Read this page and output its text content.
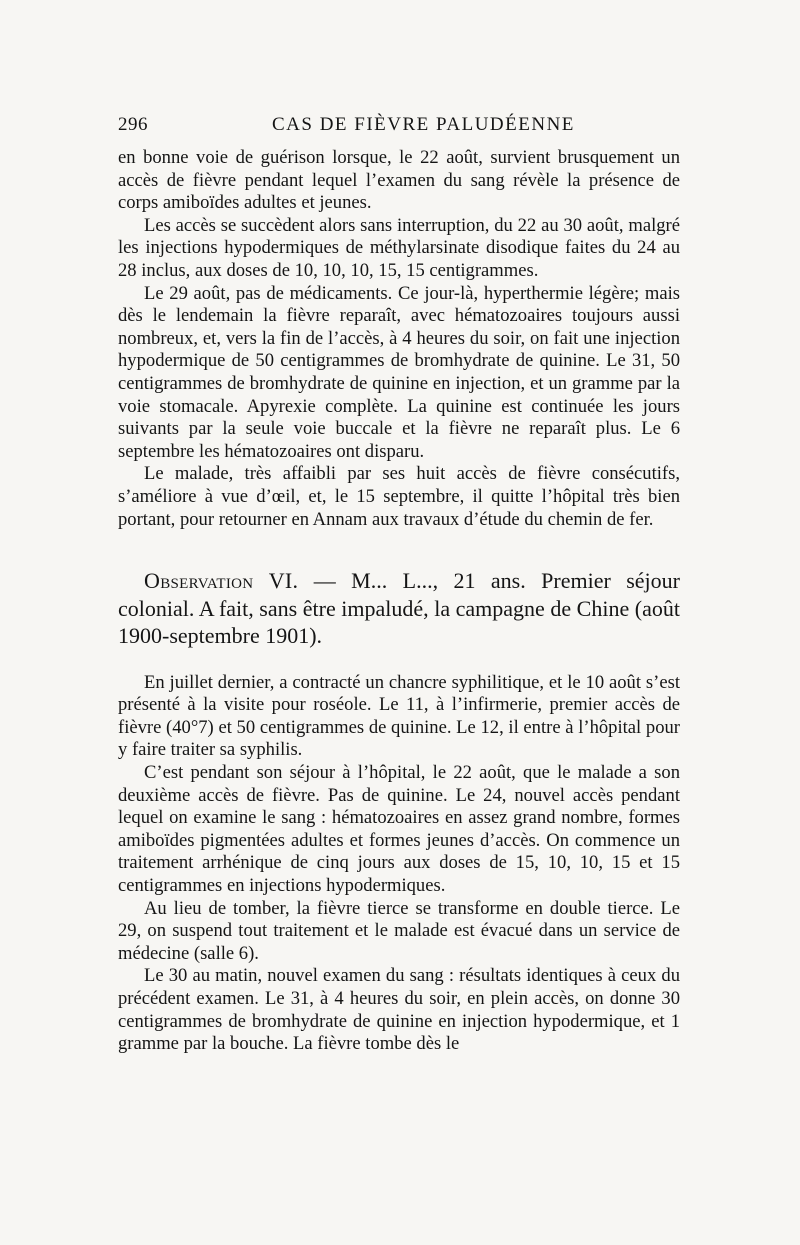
296	CAS DE FIÈVRE PALUDÉENNE

en bonne voie de guérison lorsque, le 22 août, survient brusquement un accès de fièvre pendant lequel l’examen du sang révèle la présence de corps amiboïdes adultes et jeunes.

Les accès se succèdent alors sans interruption, du 22 au 30 août, malgré les injections hypodermiques de méthylarsinate disodique faites du 24 au 28 inclus, aux doses de 10, 10, 10, 15, 15 centigrammes.

Le 29 août, pas de médicaments. Ce jour-là, hyperthermie légère; mais dès le lendemain la fièvre reparaît, avec hématozoaires toujours aussi nombreux, et, vers la fin de l’accès, à 4 heures du soir, on fait une injection hypodermique de 50 centigrammes de bromhydrate de quinine. Le 31, 50 centigrammes de bromhydrate de quinine en injection, et un gramme par la voie stomacale. Apyrexie complète. La quinine est continuée les jours suivants par la seule voie buccale et la fièvre ne reparaît plus. Le 6 septembre les hématozoaires ont disparu.

Le malade, très affaibli par ses huit accès de fièvre consécutifs, s’améliore à vue d’œil, et, le 15 septembre, il quitte l’hôpital très bien portant, pour retourner en Annam aux travaux d’étude du chemin de fer.

Observation VI. — M... L..., 21 ans. Premier séjour colonial. A fait, sans être impaludé, la campagne de Chine (août 1900-septembre 1901).

En juillet dernier, a contracté un chancre syphilitique, et le 10 août s’est présenté à la visite pour roséole. Le 11, à l’infirmerie, premier accès de fièvre (40°7) et 50 centigrammes de quinine. Le 12, il entre à l’hôpital pour y faire traiter sa syphilis.

C’est pendant son séjour à l’hôpital, le 22 août, que le malade a son deuxième accès de fièvre. Pas de quinine. Le 24, nouvel accès pendant lequel on examine le sang : hématozoaires en assez grand nombre, formes amiboïdes pigmentées adultes et formes jeunes d’accès. On commence un traitement arrhénique de cinq jours aux doses de 15, 10, 10, 15 et 15 centigrammes en injections hypodermiques.

Au lieu de tomber, la fièvre tierce se transforme en double tierce. Le 29, on suspend tout traitement et le malade est évacué dans un service de médecine (salle 6).

Le 30 au matin, nouvel examen du sang : résultats identiques à ceux du précédent examen. Le 31, à 4 heures du soir, en plein accès, on donne 30 centigrammes de bromhydrate de quinine en injection hypodermique, et 1 gramme par la bouche. La fièvre tombe dès le
